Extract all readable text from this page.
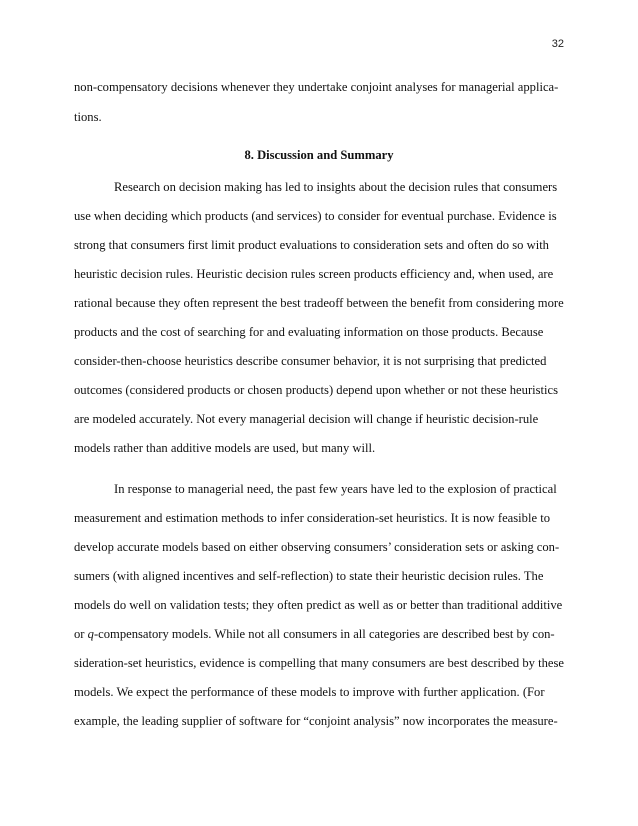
32
non-compensatory decisions whenever they undertake conjoint analyses for managerial applica-
tions.
8. Discussion and Summary
Research on decision making has led to insights about the decision rules that consumers
use when deciding which products (and services) to consider for eventual purchase. Evidence is
strong that consumers first limit product evaluations to consideration sets and often do so with
heuristic decision rules. Heuristic decision rules screen products efficiency and, when used, are
rational because they often represent the best tradeoff between the benefit from considering more
products and the cost of searching for and evaluating information on those products. Because
consider-then-choose heuristics describe consumer behavior, it is not surprising that predicted
outcomes (considered products or chosen products) depend upon whether or not these heuristics
are modeled accurately. Not every managerial decision will change if heuristic decision-rule
models rather than additive models are used, but many will.
In response to managerial need, the past few years have led to the explosion of practical
measurement and estimation methods to infer consideration-set heuristics. It is now feasible to
develop accurate models based on either observing consumers’ consideration sets or asking con-
sumers (with aligned incentives and self-reflection) to state their heuristic decision rules. The
models do well on validation tests; they often predict as well as or better than traditional additive
or q-compensatory models. While not all consumers in all categories are described best by con-
sideration-set heuristics, evidence is compelling that many consumers are best described by these
models. We expect the performance of these models to improve with further application. (For
example, the leading supplier of software for “conjoint analysis” now incorporates the measure-
